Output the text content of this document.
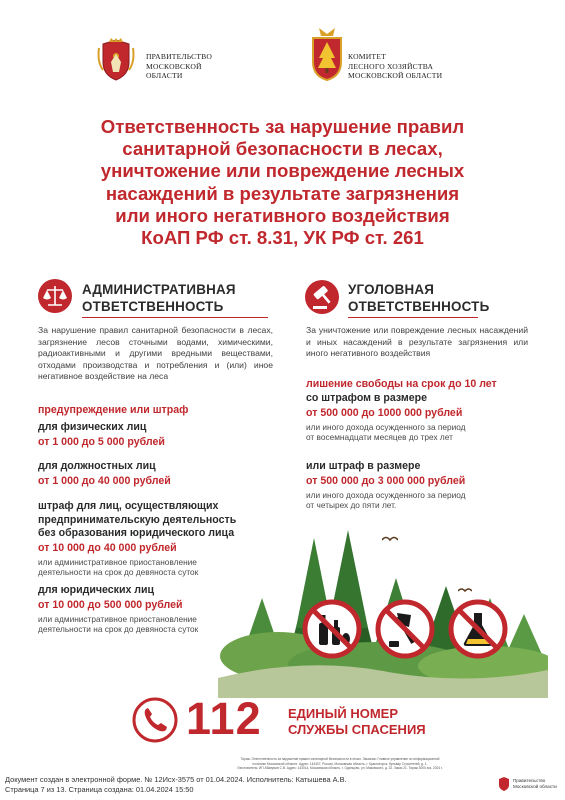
ПРАВИТЕЛЬСТВО
МОСКОВСКОЙ
ОБЛАСТИ
КОМИТЕТ
ЛЕСНОГО ХОЗЯЙСТВА
МОСКОВСКОЙ ОБЛАСТИ
Ответственность за нарушение правил
санитарной безопасности в лесах,
уничтожение или повреждение лесных
насаждений в результате загрязнения
или иного негативного воздействия
КоАП РФ ст. 8.31, УК РФ ст. 261
АДМИНИСТРАТИВНАЯ
ОТВЕТСТВЕННОСТЬ
За нарушение правил санитарной безопасности в лесах, загрязнение лесов сточными водами, химическими, радиоактивными и другими вредными веществами, отходами производства и потребления и (или) иное негативное воздействие на леса
предупреждение или штраф
для физических лиц
от 1 000 до 5 000 рублей
для должностных лиц
от 1 000 до 40 000 рублей
штраф для лиц, осуществляющих
предпринимательскую деятельность
без образования юридического лица
от 10 000 до 40 000 рублей
или административное приостановление
деятельности на срок до девяноста суток
для юридических лиц
от 10 000 до 500 000 рублей
или административное приостановление
деятельности на срок до девяноста суток
УГОЛОВНАЯ
ОТВЕТСТВЕННОСТЬ
За уничтожение или повреждение лесных насаждений и иных насаждений в результате загрязнения или иного негативного воздействия
лишение свободы на срок до 10 лет
со штрафом в размере
от 500 000 до 1000 000 рублей
или иного дохода осужденного за период
от восемнадцати месяцев до трех лет
или штраф в размере
от 500 000 до 3 000 000 рублей
или иного дохода осужденного за период
от четырех до пяти лет.
112 ЕДИНЫЙ НОМЕР
СЛУЖБЫ СПАСЕНИЯ
Тираж: Ответственность за нарушение правил санитарной безопасности в лесах. Заказчик: Главное управление по информационной
политике Московской области. Адрес: 143407, Россия, Московская область, г. Красногорск, бульвар Строителей, д. 1.
Изготовитель: ИП Абакумов С.В. Адрес: 143014, Московская область, г. Одинцово, ул. Маковского, д. 32. Заказ 21. Тираж 3000 экз. 2024 г.
Документ создан в электронной форме. № 12Исх-3575 от 01.04.2024. Исполнитель: Катышева А.В.
Страница 7 из 13. Страница создана: 01.04.2024 15:50
Правительство
Московской области
